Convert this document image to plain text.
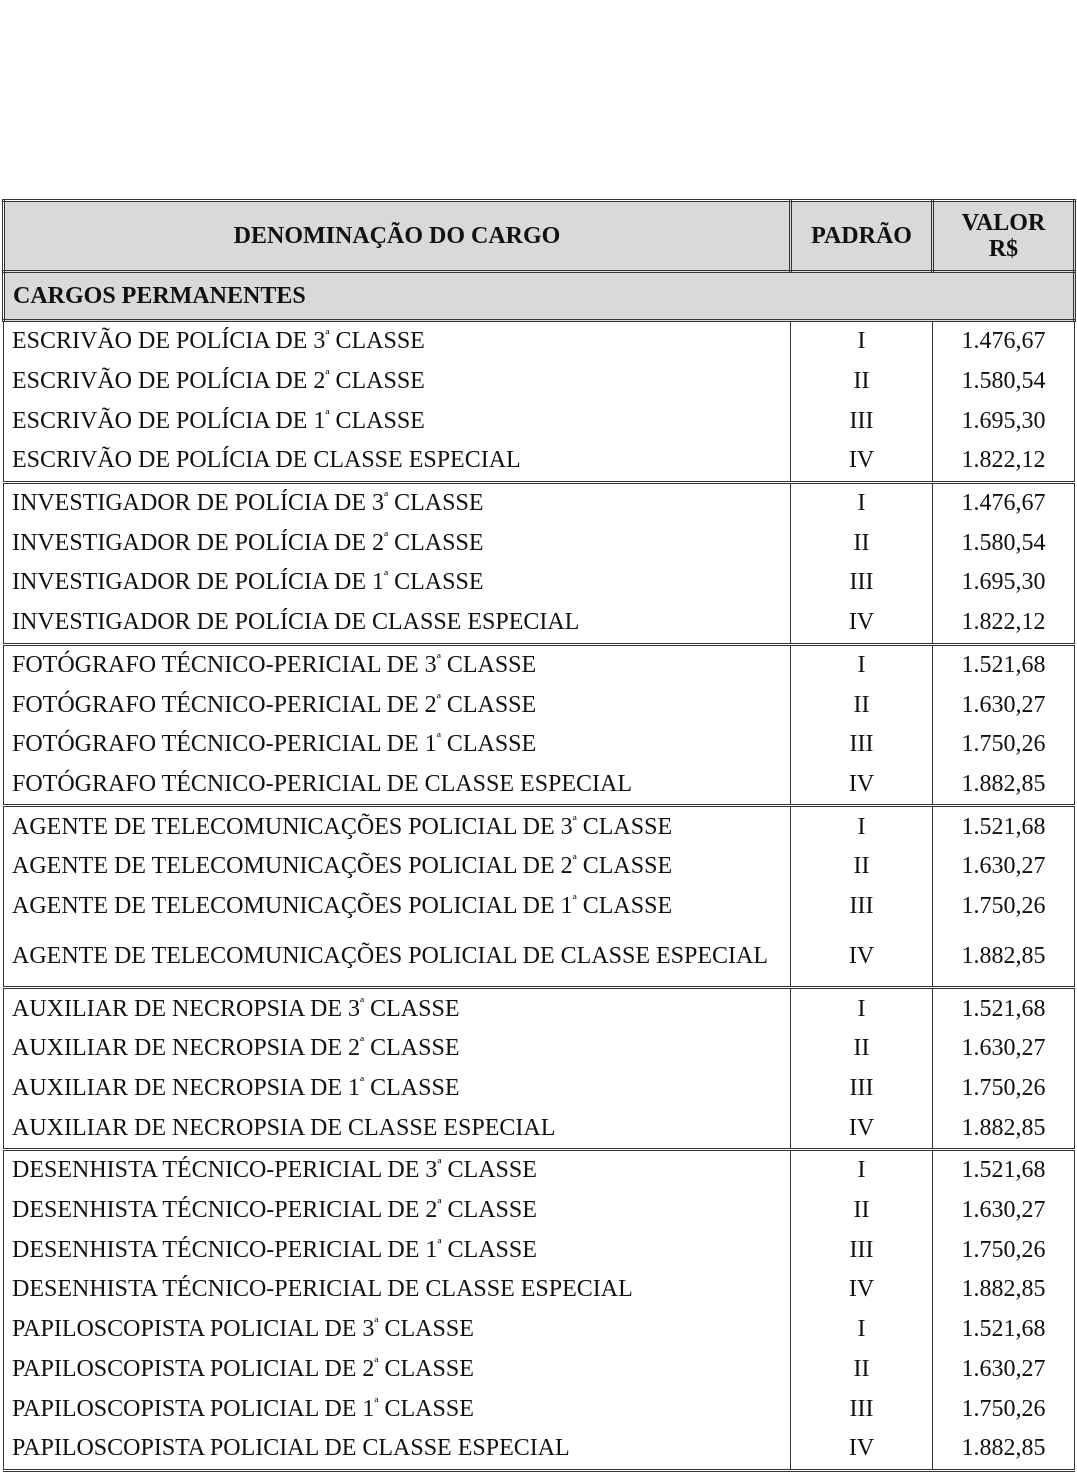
DENOMINAÇÃO DO CARGO	PADRÃO	VALOR
R$
CARGOS PERMANENTES		
ESCRIVÃO DE POLÍCIA DE $3^ª$ CLASSE	I	1.476,67
ESCRIVÃO DE POLÍCIA DE $2^ª$ CLASSE	II	1.580,54
ESCRIVÃO DE POLÍCIA DE $1^ª$ CLASSE	III	1.695,30
ESCRIVÃO DE POLÍCIA DE CLASSE ESPECIAL	IV	1.822,12
INVESTIGADOR DE POLÍCIA DE $3^ª$ CLASSE	I	1.476,67
INVESTIGADOR DE POLÍCIA DE $2^ª$ CLASSE	II	1.580,54
INVESTIGADOR DE POLÍCIA DE $1^ª$ CLASSE	III	1.695,30
INVESTIGADOR DE POLÍCIA DE CLASSE ESPECIAL	IV	1.822,12
FOTÓGRAFO TÉCNICO-PERICIAL DE $3^ª$ CLASSE	I	1.521,68
FOTÓGRAFO TÉCNICO-PERICIAL DE $2^ª$ CLASSE	II	1.630,27
FOTÓGRAFO TÉCNICO-PERICIAL DE $1^ª$ CLASSE	III	1.750,26
FOTÓGRAFO TÉCNICO-PERICIAL DE CLASSE ESPECIAL	IV	1.882,85
AGENTE DE TELECOMUNICAÇÕES POLICIAL DE $3^ª$ CLASSE	I	1.521,68
AGENTE DE TELECOMUNICAÇÕES POLICIAL DE $2^ª$ CLASSE	II	1.630,27
AGENTE DE TELECOMUNICAÇÕES POLICIAL DE $1^ª$ CLASSE	III	1.750,26
AGENTE DE TELECOMUNICAÇÕES POLICIAL DE CLASSE ESPECIAL	IV	1.882,85
AUXILIAR DE NECROPSIA DE $3^ª$ CLASSE	I	1.521,68
AUXILIAR DE NECROPSIA DE $2^ª$ CLASSE	II	1.630,27
AUXILIAR DE NECROPSIA DE $1^ª$ CLASSE	III	1.750,26
AUXILIAR DE NECROPSIA DE CLASSE ESPECIAL	IV	1.882,85
DESENHISTA TÉCNICO-PERICIAL DE $3^ª$ CLASSE	I	1.521,68
DESENHISTA TÉCNICO-PERICIAL DE $2^ª$ CLASSE	II	1.630,27
DESENHISTA TÉCNICO-PERICIAL DE $1^ª$ CLASSE	III	1.750,26
DESENHISTA TÉCNICO-PERICIAL DE CLASSE ESPECIAL	IV	1.882,85
PAPILOSCOPISTA POLICIAL DE $3^ª$ CLASSE	I	1.521,68
PAPILOSCOPISTA POLICIAL DE $2^ª$ CLASSE	II	1.630,27
PAPILOSCOPISTA POLICIAL DE $1^ª$ CLASSE	III	1.750,26
PAPILOSCOPISTA POLICIAL DE CLASSE ESPECIAL	IV	1.882,85
